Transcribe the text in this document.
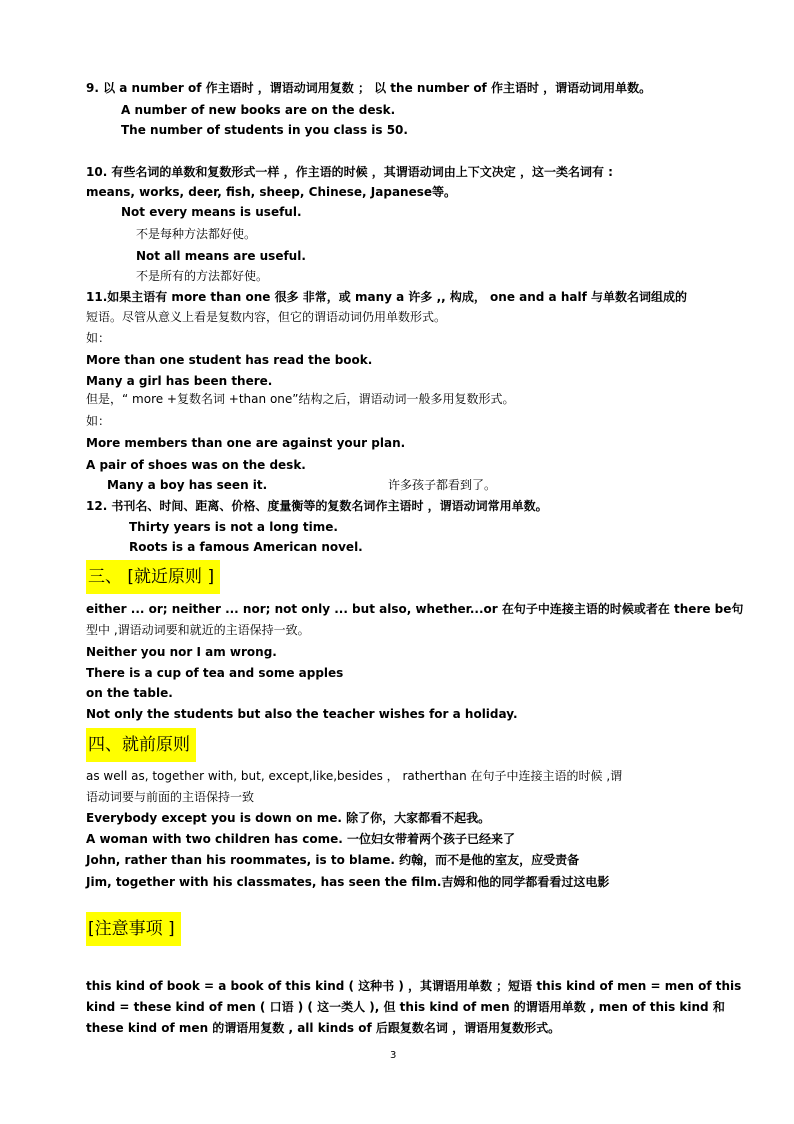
9. 以 a number of 作主语时 ，谓语动词用复数 ； 以 the number of 作主语时 ，谓语动词用单数。
A number of new books are on the desk.
The number of students in you class is 50.
10. 有些名词的单数和复数形式一样 ，作主语的时候 ，其谓语动词由上下文决定 ，这一类名词有 :
means, works, deer, fish, sheep, Chinese, Japanese等。
Not every means is useful.
不是每种方法都好使。
Not all means are useful.
不是所有的方法都好使。
11.如果主语有 more than one 很多 非常，或 many a 许多 ,, 构成， one and a half 与单数名词组成的
短语。尽管从意义上看是复数内容，但它的谓语动词仍用单数形式。
如：
More than one student has read the book.
Many a girl has been there.
但是，“ more +复数名词 +than one”结构之后，谓语动词一般多用复数形式。
如：
More members than one are against your plan.
A pair of shoes was on the desk.
Many a boy has seen it.	许多孩子都看到了。
12. 书刊名、时间、距离、价格、度量衡等的复数名词作主语时 ，谓语动词常用单数。
Thirty years is not a long time.
Roots is a famous American novel.
三、 [就近原则 ]
either ... or; neither ... nor; not only ... but also, whether...or 在句子中连接主语的时候或者在 there be句
型中 ,谓语动词要和就近的主语保持一致。
Neither you nor I am wrong.
There is a cup of tea and some apples
on the table.
Not only the students but also the teacher wishes for a holiday.
四、就前原则
as well as, together with, but, except,like,besides ， ratherthan 在句子中连接主语的时候 ,谓
语动词要与前面的主语保持一致
Everybody except you is down on me. 除了你，大家都看不起我。
A woman with two children has come. 一位妇女带着两个孩子已经来了
John, rather than his roommates, is to blame. 约翰，而不是他的室友，应受责备
Jim, together with his classmates, has seen the film.吉姆和他的同学都看看过这电影
[注意事项 ]
this kind of book = a book of this kind ( 这种书 ) ，其谓语用单数 ；短语 this kind of men = men of this
kind = these kind of men ( 口语 ) ( 这一类人 ), 但 this kind of men 的谓语用单数 , men of this kind 和
these kind of men 的谓语用复数 , all kinds of 后跟复数名词 ，谓语用复数形式。
3
